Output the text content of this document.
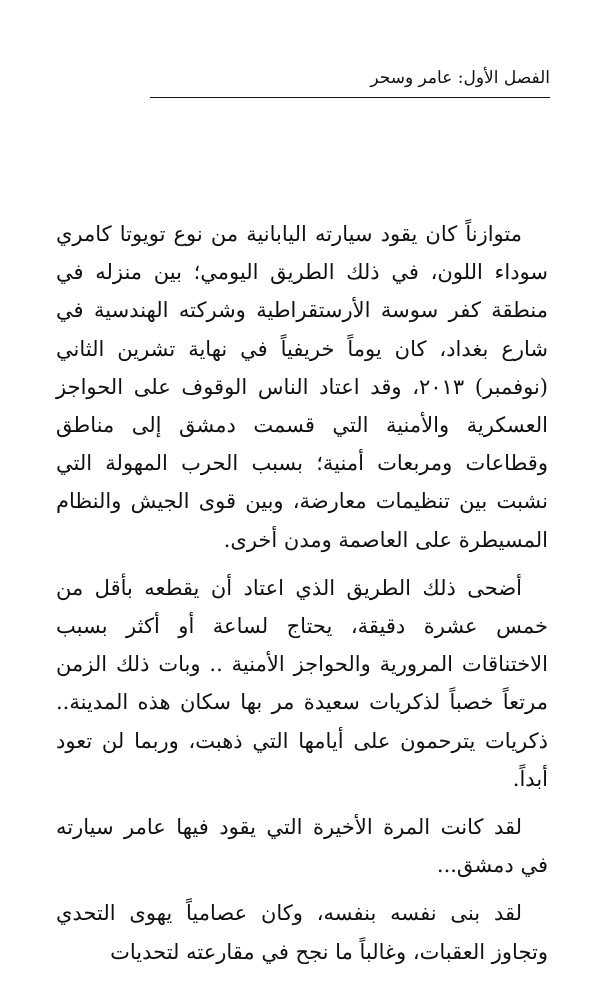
الفصل الأول: عامر وسحر

متوازناً كان يقود سيارته اليابانية من نوع تويوتا كامري سوداء اللون، في ذلك الطريق اليومي؛ بين منزله في منطقة كفر سوسة الأرستقراطية وشركته الهندسية في شارع بغداد، كان يوماً خريفياً في نهاية تشرين الثاني (نوفمبر) ٢٠١٣، وقد اعتاد الناس الوقوف على الحواجز العسكرية والأمنية التي قسمت دمشق إلى مناطق وقطاعات ومربعات أمنية؛ بسبب الحرب المهولة التي نشبت بين تنظيمات معارضة، وبين قوى الجيش والنظام المسيطرة على العاصمة ومدن أخرى.

أضحى ذلك الطريق الذي اعتاد أن يقطعه بأقل من خمس عشرة دقيقة، يحتاج لساعة أو أكثر بسبب الاختناقات المرورية والحواجز الأمنية .. وبات ذلك الزمن مرتعاً خصباً لذكريات سعيدة مر بها سكان هذه المدينة.. ذكريات يترحمون على أيامها التي ذهبت، وربما لن تعود أبداً.

لقد كانت المرة الأخيرة التي يقود فيها عامر سيارته في دمشق...

لقد بنى نفسه بنفسه، وكان عصامياً يهوى التحدي وتجاوز العقبات، وغالباً ما نجح في مقارعته لتحديات
